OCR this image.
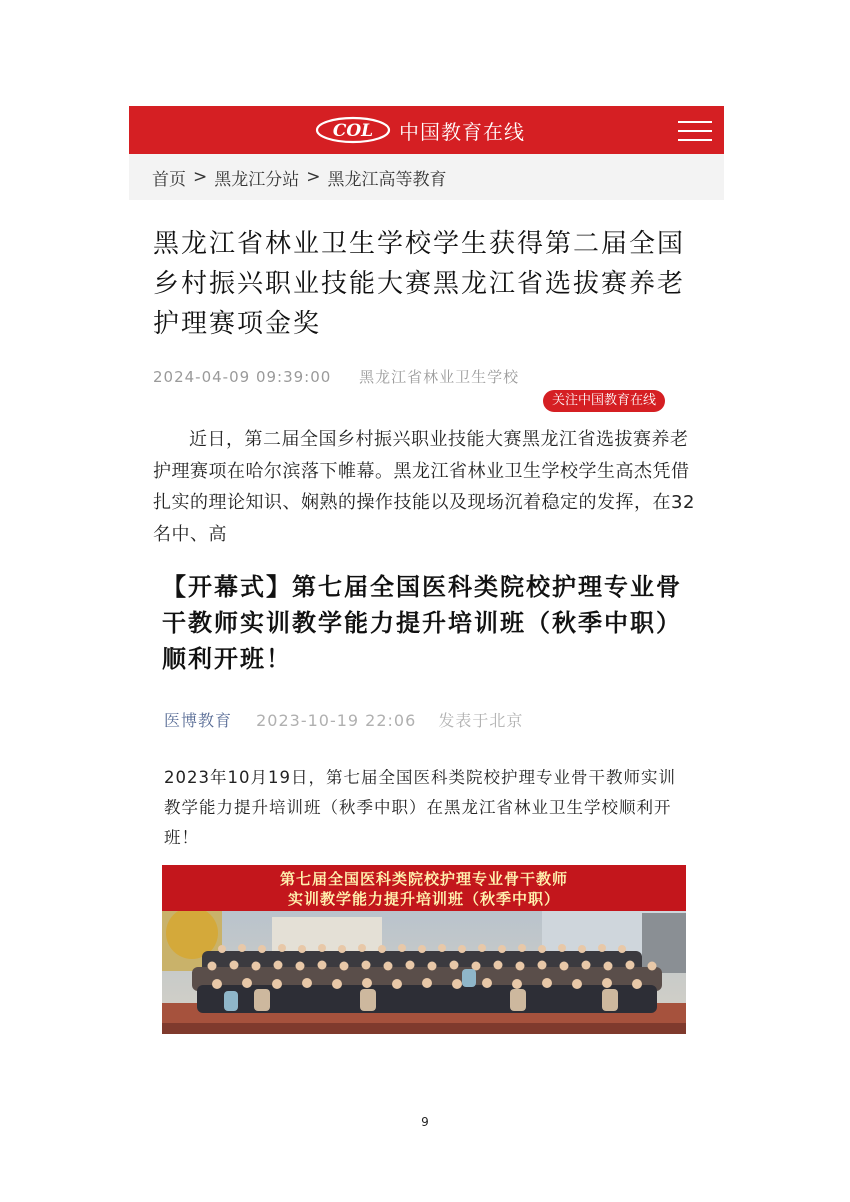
COL 中国教育在线
首页 > 黑龙江分站 > 黑龙江高等教育
黑龙江省林业卫生学校学生获得第二届全国乡村振兴职业技能大赛黑龙江省选拔赛养老护理赛项金奖
2024-04-09 09:39:00 黑龙江省林业卫生学校
关注中国教育在线

近日，第二届全国乡村振兴职业技能大赛黑龙江省选拔赛养老护理赛项在哈尔滨落下帷幕。黑龙江省林业卫生学校学生高杰凭借扎实的理论知识、娴熟的操作技能以及现场沉着稳定的发挥，在32名中、高

【开幕式】第七届全国医科类院校护理专业骨干教师实训教学能力提升培训班（秋季中职）顺利开班！
医博教育 2023-10-19 22:06 发表于北京

2023年10月19日，第七届全国医科类院校护理专业骨干教师实训教学能力提升培训班（秋季中职）在黑龙江省林业卫生学校顺利开班！

第七届全国医科类院校护理专业骨干教师
实训教学能力提升培训班（秋季中职）
9
